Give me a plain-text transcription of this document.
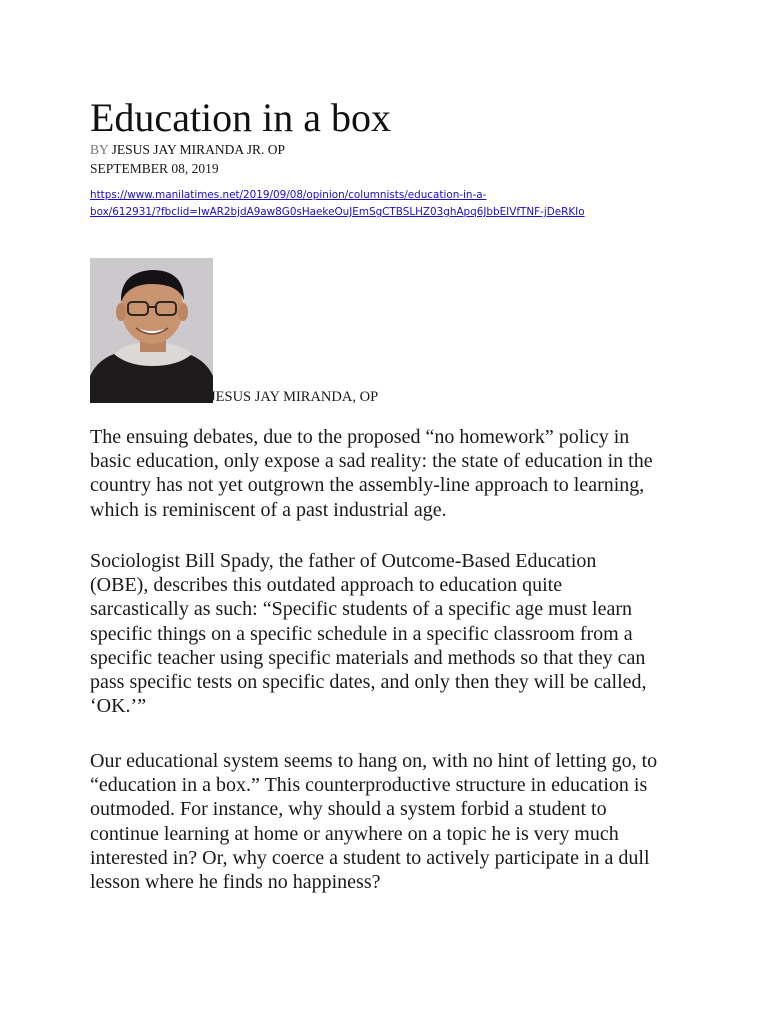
Education in a box
BY JESUS JAY MIRANDA JR. OP
SEPTEMBER 08, 2019
https://www.manilatimes.net/2019/09/08/opinion/columnists/education-in-a-
box/612931/?fbclid=IwAR2bjdA9aw8G0sHaekeOuJEmSgCTBSLHZ03ghApq6JbbEIVfTNF-jDeRKIo
JESUS JAY MIRANDA, OP

The ensuing debates, due to the proposed “no homework” policy in
basic education, only expose a sad reality: the state of education in the
country has not yet outgrown the assembly-line approach to learning,
which is reminiscent of a past industrial age.

Sociologist Bill Spady, the father of Outcome-Based Education
(OBE), describes this outdated approach to education quite
sarcastically as such: “Specific students of a specific age must learn
specific things on a specific schedule in a specific classroom from a
specific teacher using specific materials and methods so that they can
pass specific tests on specific dates, and only then they will be called,
‘OK.’”

Our educational system seems to hang on, with no hint of letting go, to
“education in a box.” This counterproductive structure in education is
outmoded. For instance, why should a system forbid a student to
continue learning at home or anywhere on a topic he is very much
interested in? Or, why coerce a student to actively participate in a dull
lesson where he finds no happiness?
